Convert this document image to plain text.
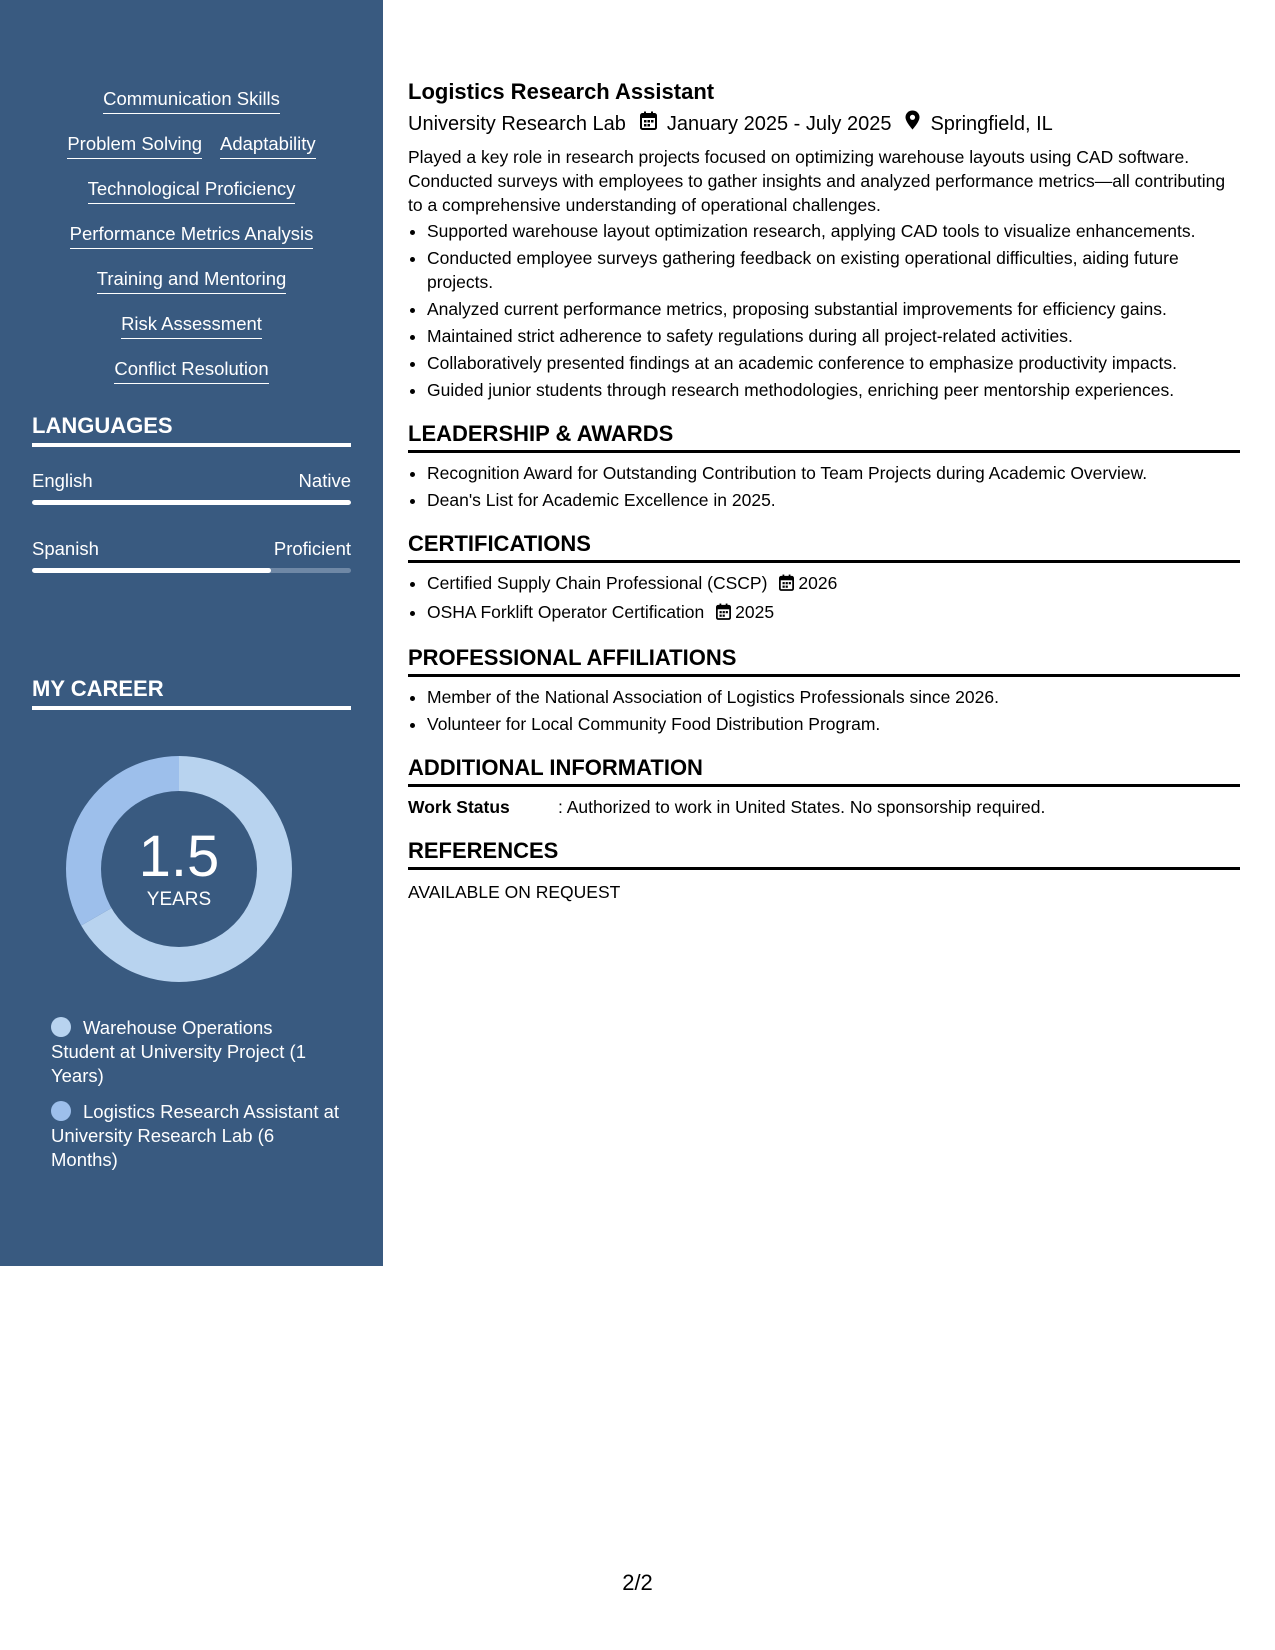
Communication Skills
Problem Solving Adaptability
Technological Proficiency
Performance Metrics Analysis
Training and Mentoring
Risk Assessment
Conflict Resolution
LANGUAGES
English	Native
Spanish	Proficient
MY CAREER
1.5
YEARS
Warehouse Operations Student at University Project (1 Years)
Logistics Research Assistant at University Research Lab (6 Months)
Logistics Research Assistant
University Research Lab January 2025 - July 2025 Springfield, IL
Played a key role in research projects focused on optimizing warehouse layouts using CAD software. Conducted surveys with employees to gather insights and analyzed performance metrics—all contributing to a comprehensive understanding of operational challenges.
• Supported warehouse layout optimization research, applying CAD tools to visualize enhancements.
• Conducted employee surveys gathering feedback on existing operational difficulties, aiding future projects.
• Analyzed current performance metrics, proposing substantial improvements for efficiency gains.
• Maintained strict adherence to safety regulations during all project-related activities.
• Collaboratively presented findings at an academic conference to emphasize productivity impacts.
• Guided junior students through research methodologies, enriching peer mentorship experiences.
LEADERSHIP & AWARDS
• Recognition Award for Outstanding Contribution to Team Projects during Academic Overview.
• Dean's List for Academic Excellence in 2025.
CERTIFICATIONS
• Certified Supply Chain Professional (CSCP) 2026
• OSHA Forklift Operator Certification 2025
PROFESSIONAL AFFILIATIONS
• Member of the National Association of Logistics Professionals since 2026.
• Volunteer for Local Community Food Distribution Program.
ADDITIONAL INFORMATION
Work Status	: Authorized to work in United States. No sponsorship required.
REFERENCES
AVAILABLE ON REQUEST
2/2
